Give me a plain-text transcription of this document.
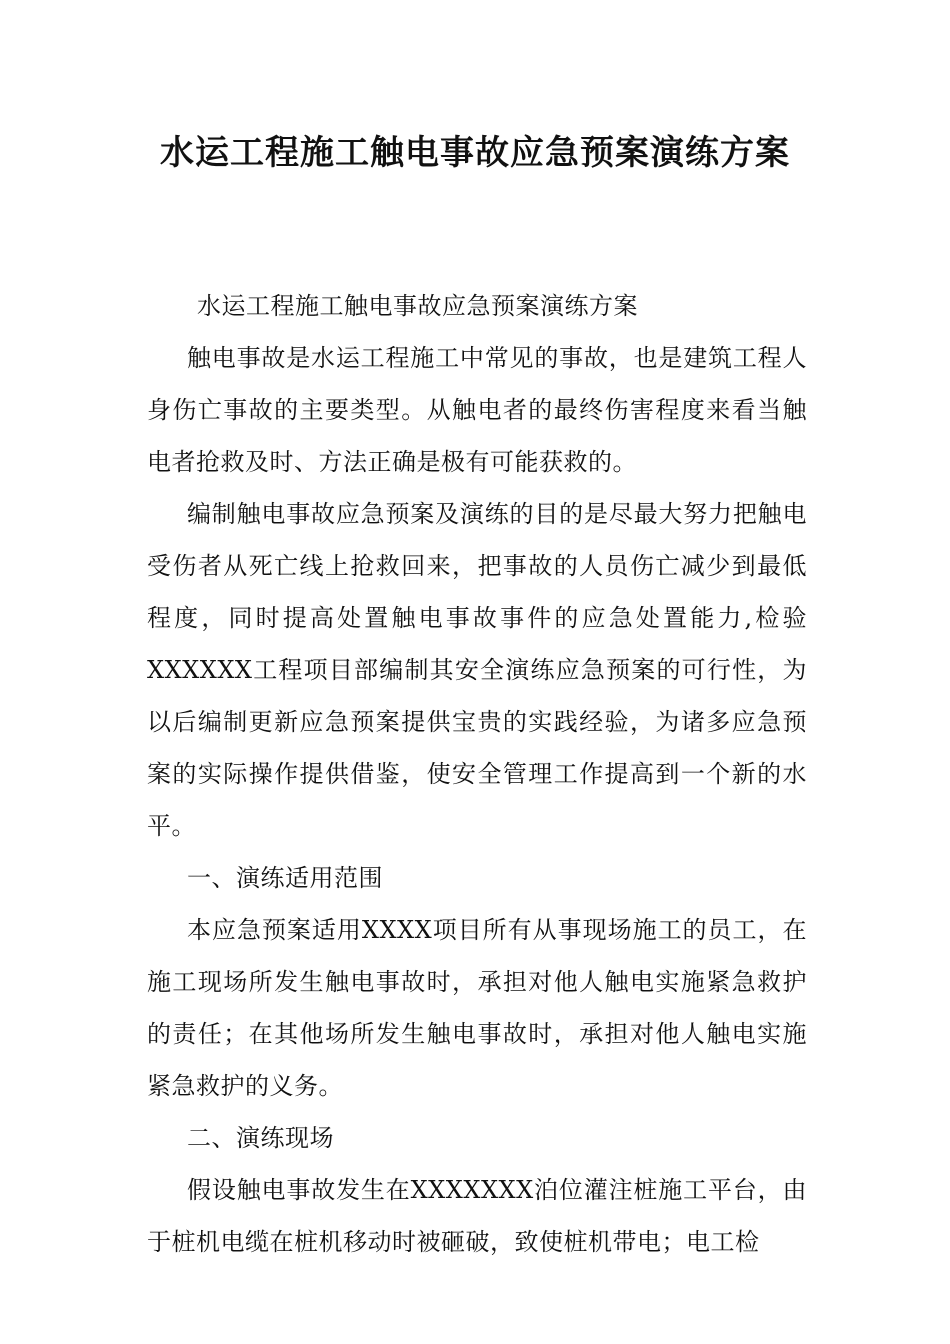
水运工程施工触电事故应急预案演练方案

水运工程施工触电事故应急预案演练方案

触电事故是水运工程施工中常见的事故，也是建筑工程人身伤亡事故的主要类型。从触电者的最终伤害程度来看当触电者抢救及时、方法正确是极有可能获救的。

编制触电事故应急预案及演练的目的是尽最大努力把触电受伤者从死亡线上抢救回来，把事故的人员伤亡减少到最低程度，同时提高处置触电事故事件的应急处置能力,检验XXXXXX工程项目部编制其安全演练应急预案的可行性，为以后编制更新应急预案提供宝贵的实践经验，为诸多应急预案的实际操作提供借鉴，使安全管理工作提高到一个新的水平。

一、演练适用范围

本应急预案适用XXXX项目所有从事现场施工的员工，在施工现场所发生触电事故时，承担对他人触电实施紧急救护的责任；在其他场所发生触电事故时，承担对他人触电实施紧急救护的义务。

二、演练现场

假设触电事故发生在XXXXXXX泊位灌注桩施工平台，由于桩机电缆在桩机移动时被砸破，致使桩机带电；电工检
